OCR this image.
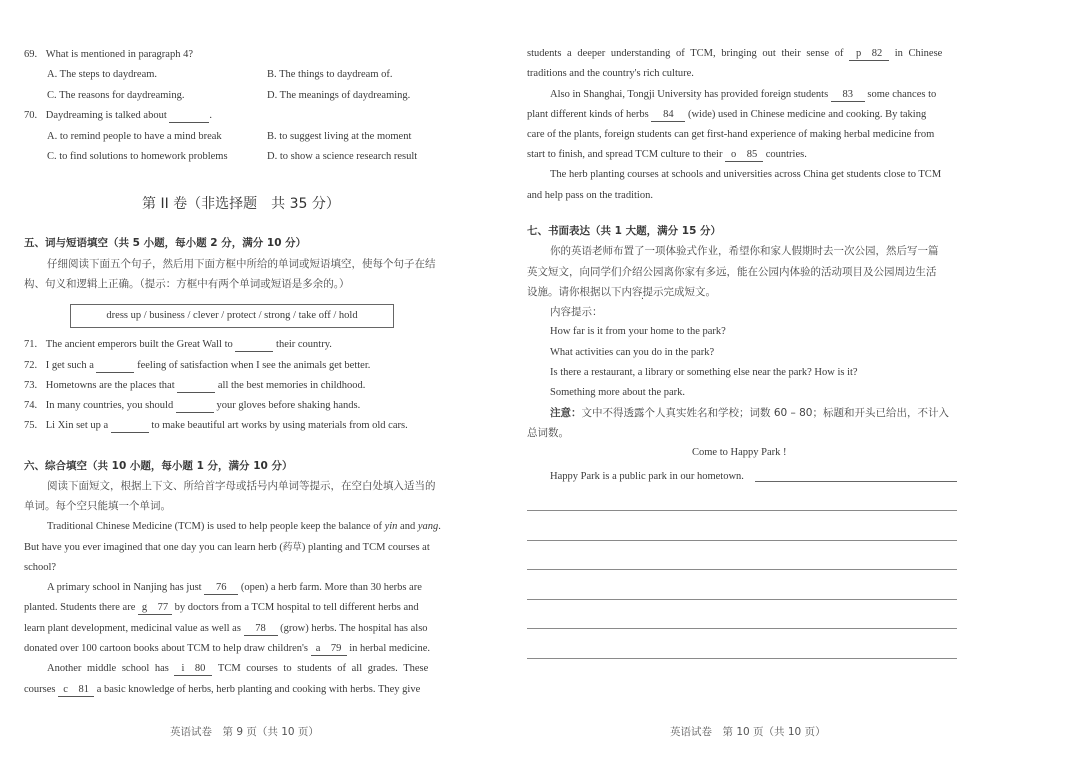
69. What is mentioned in paragraph 4?
A. The steps to daydream.	B. The things to daydream of.
C. The reasons for daydreaming.	D. The meanings of daydreaming.
70. Daydreaming is talked about	.
A. to remind people to have a mind break	B. to suggest living at the moment
C. to find solutions to homework problems	D. to show a science research result
第 II 卷（非选择题　共 35 分）
五、词与短语填空（共 5 小题，每小题 2 分，满分 10 分）
仔细阅读下面五个句子，然后用下面方框中所给的单词或短语填空，使每个句子在结
构、句义和逻辑上正确。（提示：方框中有两个单词或短语是多余的。）
dress up / business / clever / protect / strong / take off / hold
71. The ancient emperors built the Great Wall to	their country.
72. I get such a	feeling of satisfaction when I see the animals get better.
73. Hometowns are the places that	all the best memories in childhood.
74. In many countries, you should	your gloves before shaking hands.
75. Li Xin set up a	to make beautiful art works by using materials from old cars.
六、综合填空（共 10 小题，每小题 1 分，满分 10 分）
阅读下面短文，根据上下文、所给首字母或括号内单词等提示，在空白处填入适当的
单词。每个空只能填一个单词。
Traditional Chinese Medicine (TCM) is used to help people keep the balance of yin and yang.
But have you ever imagined that one day you can learn herb (药草) planting and TCM courses at
school?
A primary school in Nanjing has just 76 (open) a herb farm. More than 30 herbs are
planted. Students there are g    77 by doctors from a TCM hospital to tell different herbs and
learn plant development, medicinal value as well as 78 (grow) herbs. The hospital has also
donated over 100 cartoon books about TCM to help draw children's a    79 in herbal medicine.
Another middle school has i    80 TCM courses to students of all grades. These
courses c    81 a basic knowledge of herbs, herb planting and cooking with herbs. They give
英语试卷　第 9 页（共 10 页）
students a deeper understanding of TCM, bringing out their sense of p    82 in Chinese
traditions and the country's rich culture.
Also in Shanghai, Tongji University has provided foreign students 83 some chances to
plant different kinds of herbs 84 (wide) used in Chinese medicine and cooking. By taking
care of the plants, foreign students can get first-hand experience of making herbal medicine from
start to finish, and spread TCM culture to their o    85 countries.
The herb planting courses at schools and universities across China get students close to TCM
and help pass on the tradition.
七、书面表达（共 1 大题，满分 15 分）
你的英语老师布置了一项体验式作业，希望你和家人假期时去一次公园，然后写一篇
英文短文，向同学们介绍公园离你家有多远，能在公园内体验的活动项目及公园周边生活
设施。请你根据以下内容提示完成短文。
内容提示：
How far is it from your home to the park?
What activities can you do in the park?
Is there a restaurant, a library or something else near the park? How is it?
Something more about the park.
注意：文中不得透露个人真实姓名和学校；词数 60 – 80；标题和开头已给出，不计入
总词数。
Come to Happy Park !
Happy Park is a public park in our hometown.
英语试卷　第 10 页（共 10 页）
